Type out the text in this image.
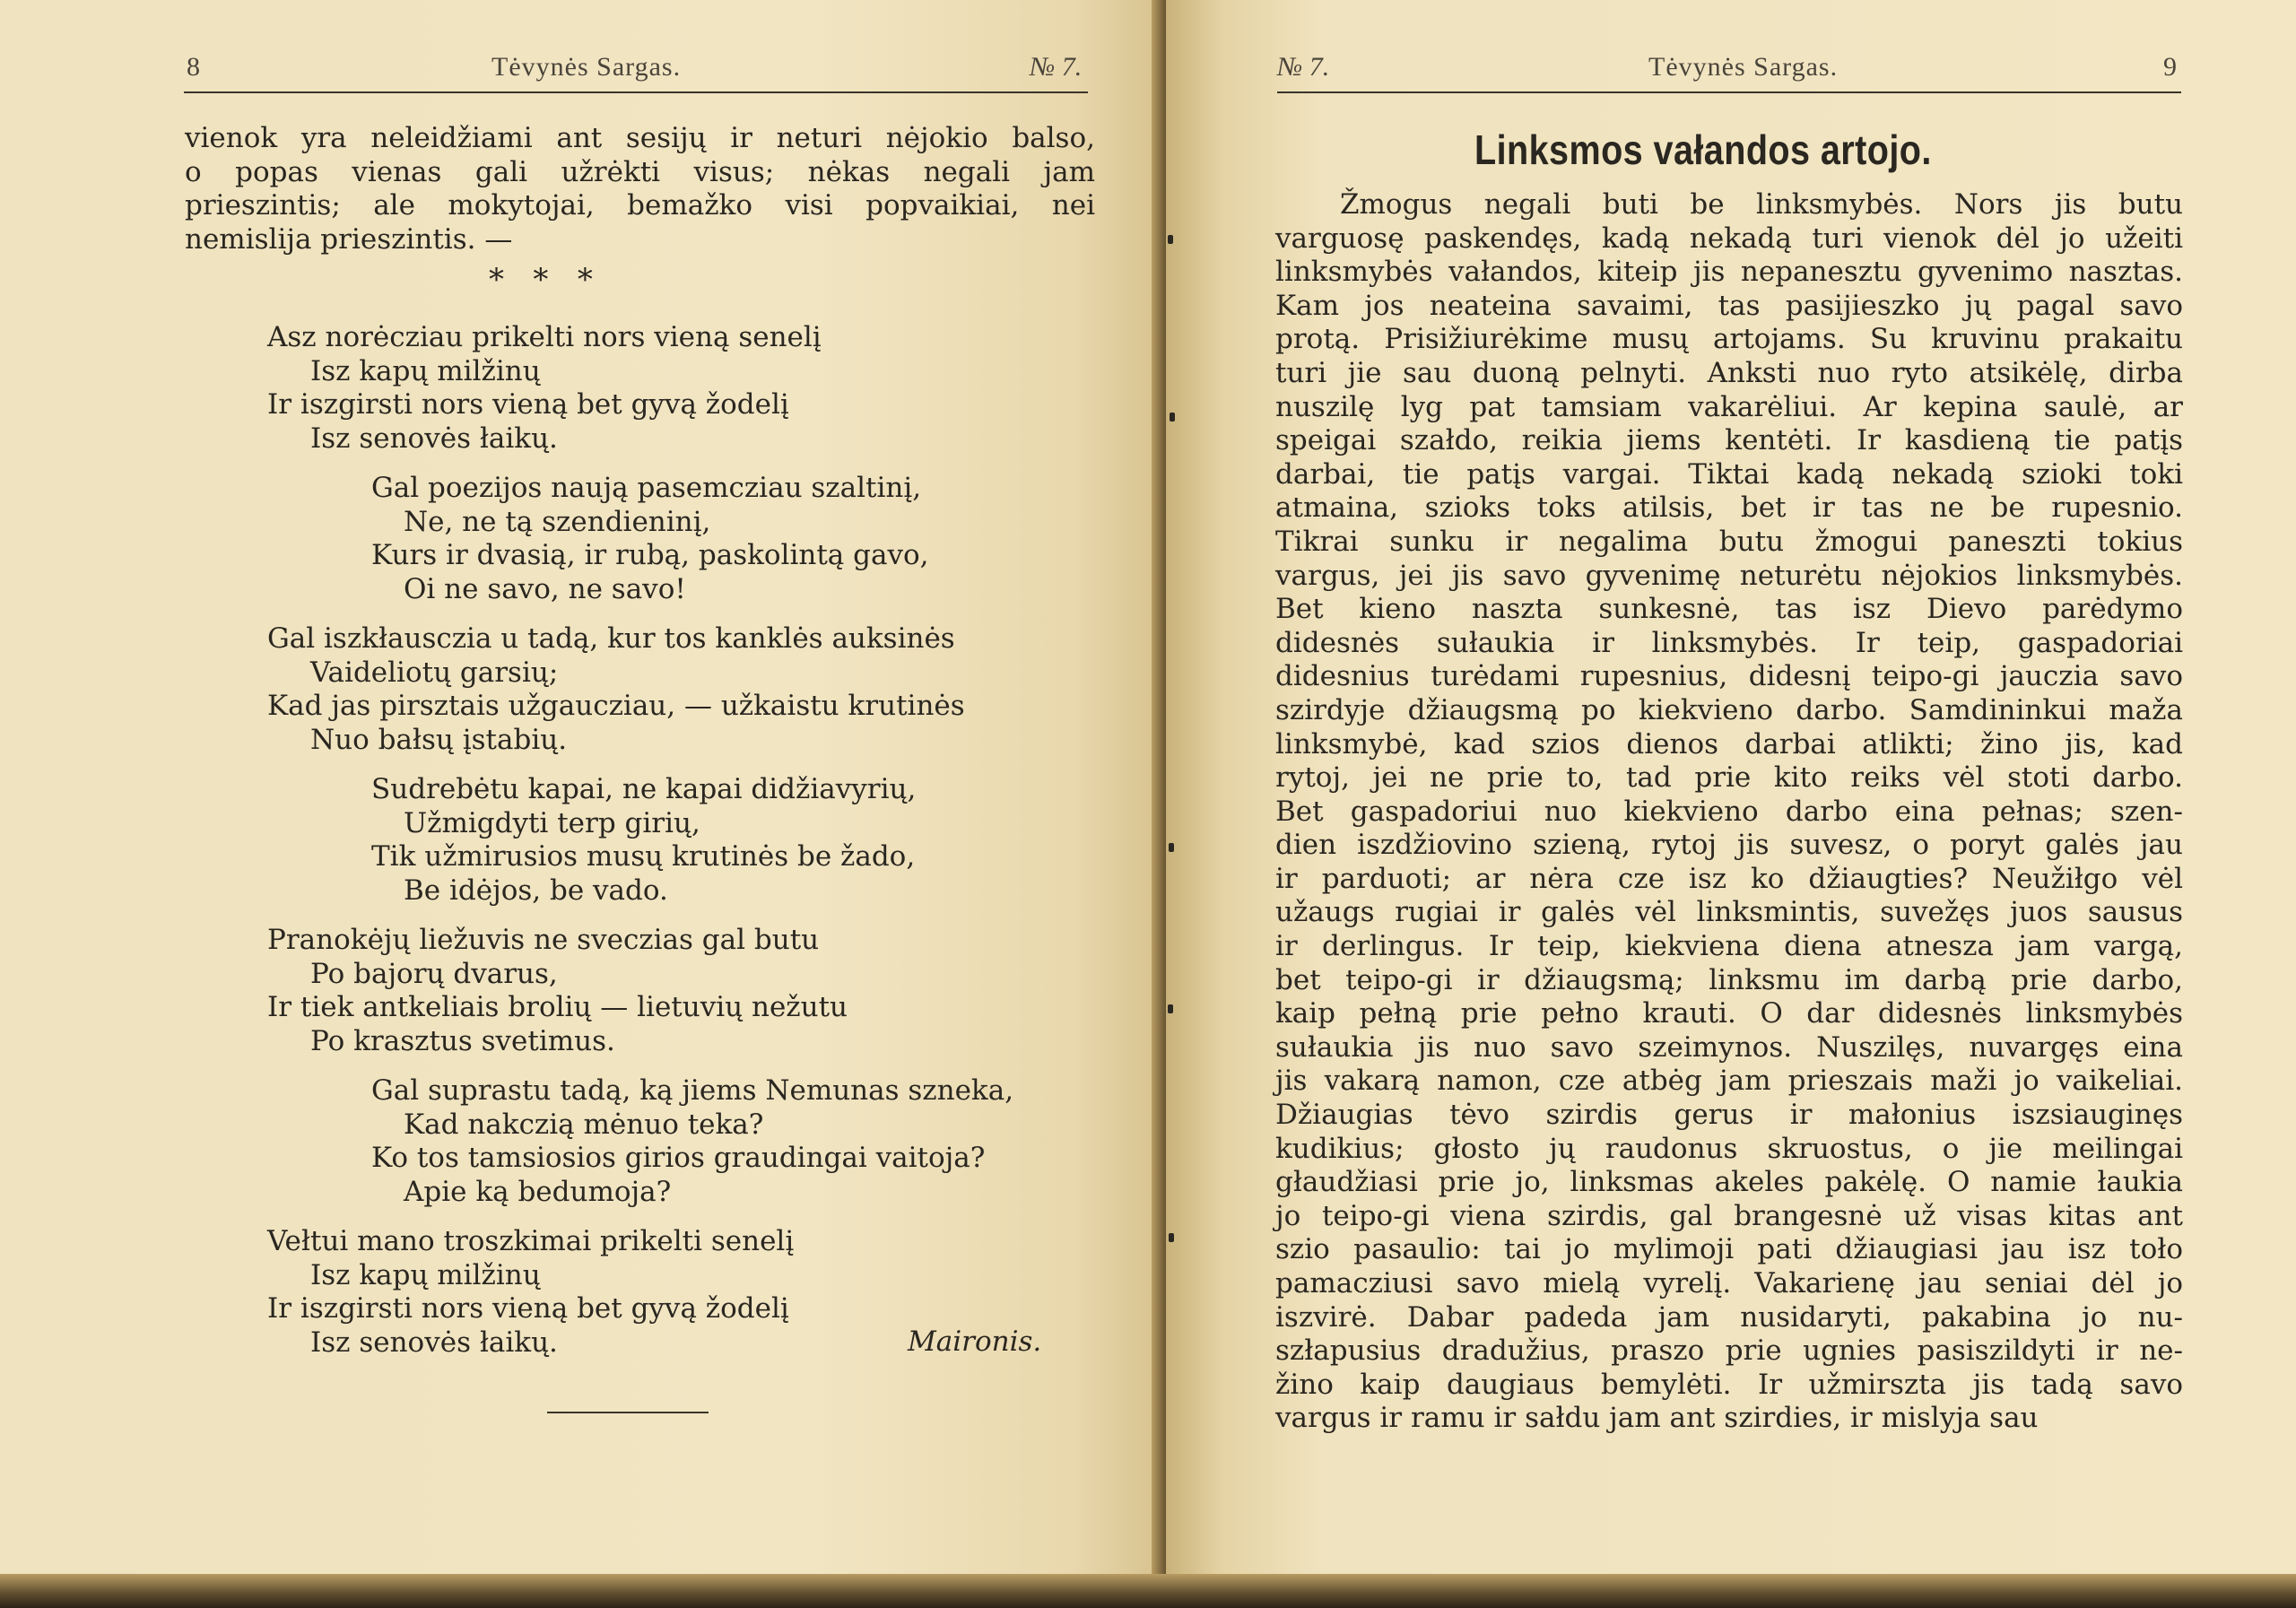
8	Tėvynės Sargas.	№ 7.
vienok yra neleidžiami ant sesijų ir neturi nėjokio balso,
o popas vienas gali užrėkti visus; nėkas negali jam
prieszintis; ale mokytojai, bemažko visi popvaikiai, nei
nemislija prieszintis. —
*   *   *
Asz norėcziau prikelti nors vieną senelį
Isz kapų milžinų
Ir iszgirsti nors vieną bet gyvą žodelį
Isz senovės łaikų.
Gal poezijos naują pasemcziau szaltinį,
Ne, ne tą szendieninį,
Kurs ir dvasią, ir rubą, paskolintą gavo,
Oi ne savo, ne savo!
Gal iszkłausczia u tadą, kur tos kanklės auksinės
Vaideliotų garsių;
Kad jas pirsztais užgaucziau, — užkaistu krutinės
Nuo bałsų įstabių.
Sudrebėtu kapai, ne kapai didžiavyrių,
Užmigdyti terp girių,
Tik užmirusios musų krutinės be žado,
Be idėjos, be vado.
Pranokėjų liežuvis ne sveczias gal butu
Po bajorų dvarus,
Ir tiek antkeliais brolių — lietuvių nežutu
Po krasztus svetimus.
Gal suprastu tadą, ką jiems Nemunas szneka,
Kad nakczią mėnuo teka?
Ko tos tamsiosios girios graudingai vaitoja?
Apie ką bedumoja?
Vełtui mano troszkimai prikelti senelį
Isz kapų milžinų
Ir iszgirsti nors vieną bet gyvą žodelį
Isz senovės łaikų.	Maironis.
№ 7.	Tėvynės Sargas.	9
Linksmos vałandos artojo.
Žmogus negali buti be linksmybės. Nors jis butu
varguosę paskendęs, kadą nekadą turi vienok dėl jo užeiti
linksmybės vałandos, kiteip jis nepanesztu gyvenimo nasztas.
Kam jos neateina savaimi, tas pasijieszko jų pagal savo
protą. Prisižiurėkime musų artojams. Su kruvinu prakaitu
turi jie sau duoną pelnyti. Anksti nuo ryto atsikėlę, dirba
nuszilę lyg pat tamsiam vakarėliui. Ar kepina saulė, ar
speigai szałdo, reikia jiems kentėti. Ir kasdieną tie patįs
darbai, tie patįs vargai. Tiktai kadą nekadą szioki toki
atmaina, szioks toks atilsis, bet ir tas ne be rupesnio.
Tikrai sunku ir negalima butu žmogui paneszti tokius
vargus, jei jis savo gyvenimę neturėtu nėjokios linksmybės.
Bet kieno naszta sunkesnė, tas isz Dievo parėdymo
didesnės sułaukia ir linksmybės. Ir teip, gaspadoriai
didesnius turėdami rupesnius, didesnį teipo-gi jauczia savo
szirdyje džiaugsmą po kiekvieno darbo. Samdininkui maža
linksmybė, kad szios dienos darbai atlikti; žino jis, kad
rytoj, jei ne prie to, tad prie kito reiks vėl stoti darbo.
Bet gaspadoriui nuo kiekvieno darbo eina pełnas; szen-
dien iszdžiovino szieną, rytoj jis suvesz, o poryt galės jau
ir parduoti; ar nėra cze isz ko džiaugties? Neužiłgo vėl
užaugs rugiai ir galės vėl linksmintis, suvežęs juos sausus
ir derlingus. Ir teip, kiekviena diena atnesza jam vargą,
bet teipo-gi ir džiaugsmą; linksmu im darbą prie darbo,
kaip pełną prie pełno krauti. O dar didesnės linksmybės
sułaukia jis nuo savo szeimynos. Nuszilęs, nuvargęs eina
jis vakarą namon, cze atbėg jam prieszais maži jo vaikeliai.
Džiaugias tėvo szirdis gerus ir małonius iszsiauginęs
kudikius; głosto jų raudonus skruostus, o jie meilingai
głaudžiasi prie jo, linksmas akeles pakėlę. O namie łaukia
jo teipo-gi viena szirdis, gal brangesnė už visas kitas ant
szio pasaulio: tai jo mylimoji pati džiaugiasi jau isz toło
pamacziusi savo mielą vyrelį. Vakarienę jau seniai dėl jo
iszvirė. Dabar padeda jam nusidaryti, pakabina jo nu-
szłapusius dradužius, praszo prie ugnies pasiszildyti ir ne-
žino kaip daugiaus bemylėti. Ir užmirszta jis tadą savo
vargus ir ramu ir sałdu jam ant szirdies, ir mislyja sau
